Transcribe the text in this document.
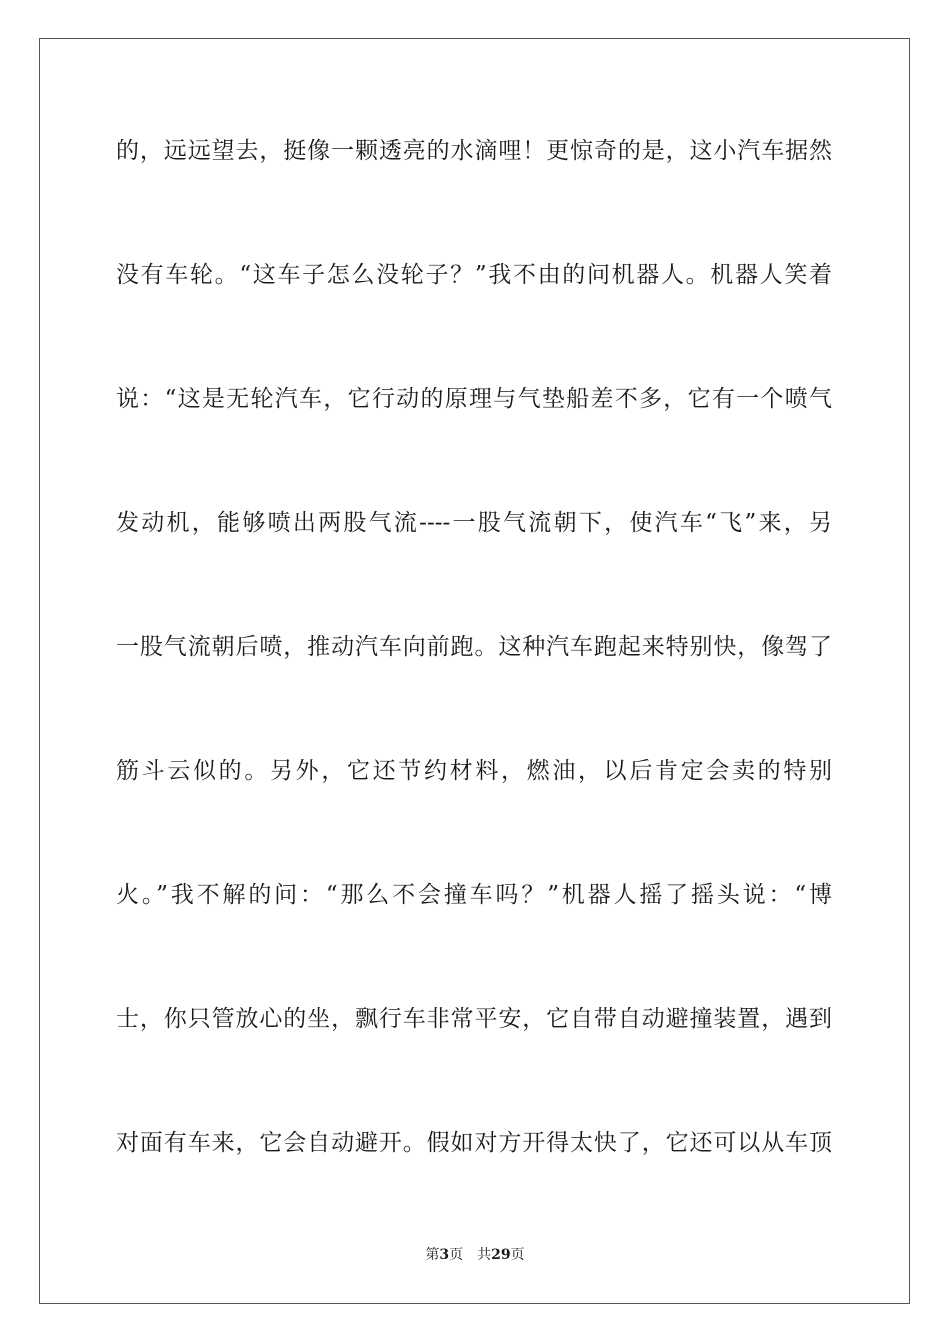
的，远远望去，挺像一颗透亮的水滴哩！更惊奇的是，这小汽车据然
没有车轮。“这车子怎么没轮子？”我不由的问机器人。机器人笑着
说：“这是无轮汽车，它行动的原理与气垫船差不多，它有一个喷气
发动机，能够喷出两股气流----一股气流朝下，使汽车“飞”来，另
一股气流朝后喷，推动汽车向前跑。这种汽车跑起来特别快，像驾了
筋斗云似的。另外，它还节约材料，燃油，以后肯定会卖的特别
火。”我不解的问：“那么不会撞车吗？”机器人摇了摇头说：“博
士，你只管放心的坐，飘行车非常平安，它自带自动避撞装置，遇到
对面有车来，它会自动避开。假如对方开得太快了，它还可以从车顶
第3页 共29页
